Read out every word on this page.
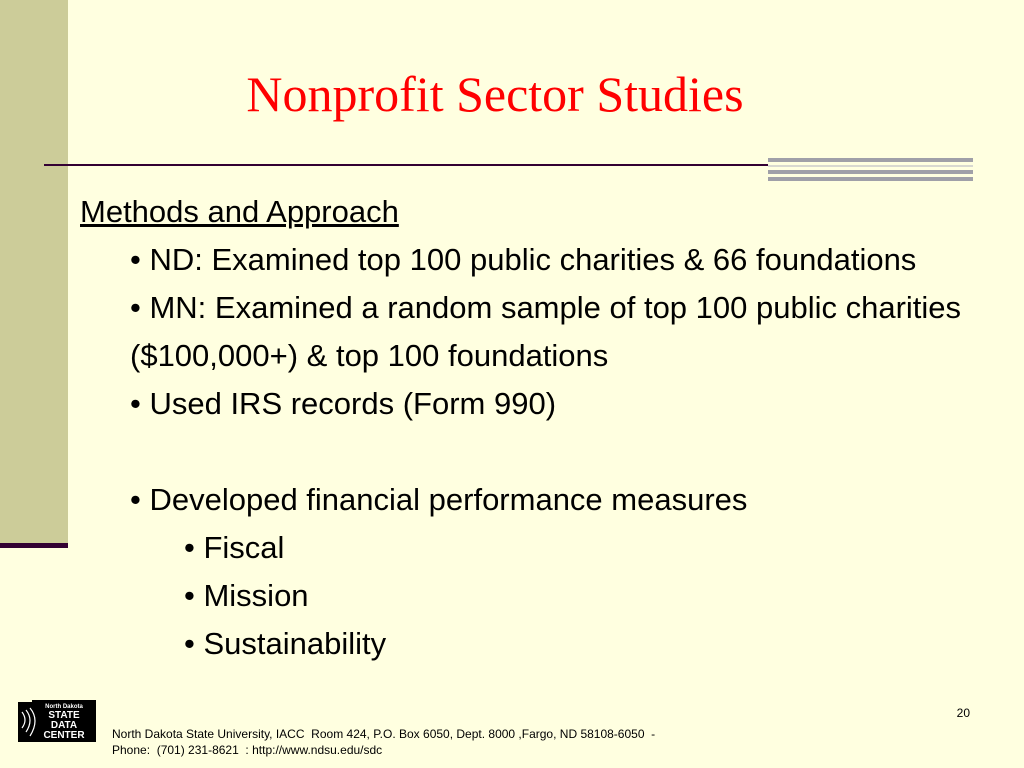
Nonprofit Sector Studies
Methods and Approach
• ND: Examined top 100 public charities & 66 foundations
• MN: Examined a random sample of top 100 public charities ($100,000+) & top 100 foundations
• Used IRS records (Form 990)
• Developed financial performance measures
• Fiscal
• Mission
• Sustainability
North Dakota
STATE
DATA
CENTER
20
North Dakota State University, IACC  Room 424, P.O. Box 6050, Dept. 8000 ,Fargo, ND 58108-6050  -
Phone:  (701) 231-8621  : http://www.ndsu.edu/sdc
